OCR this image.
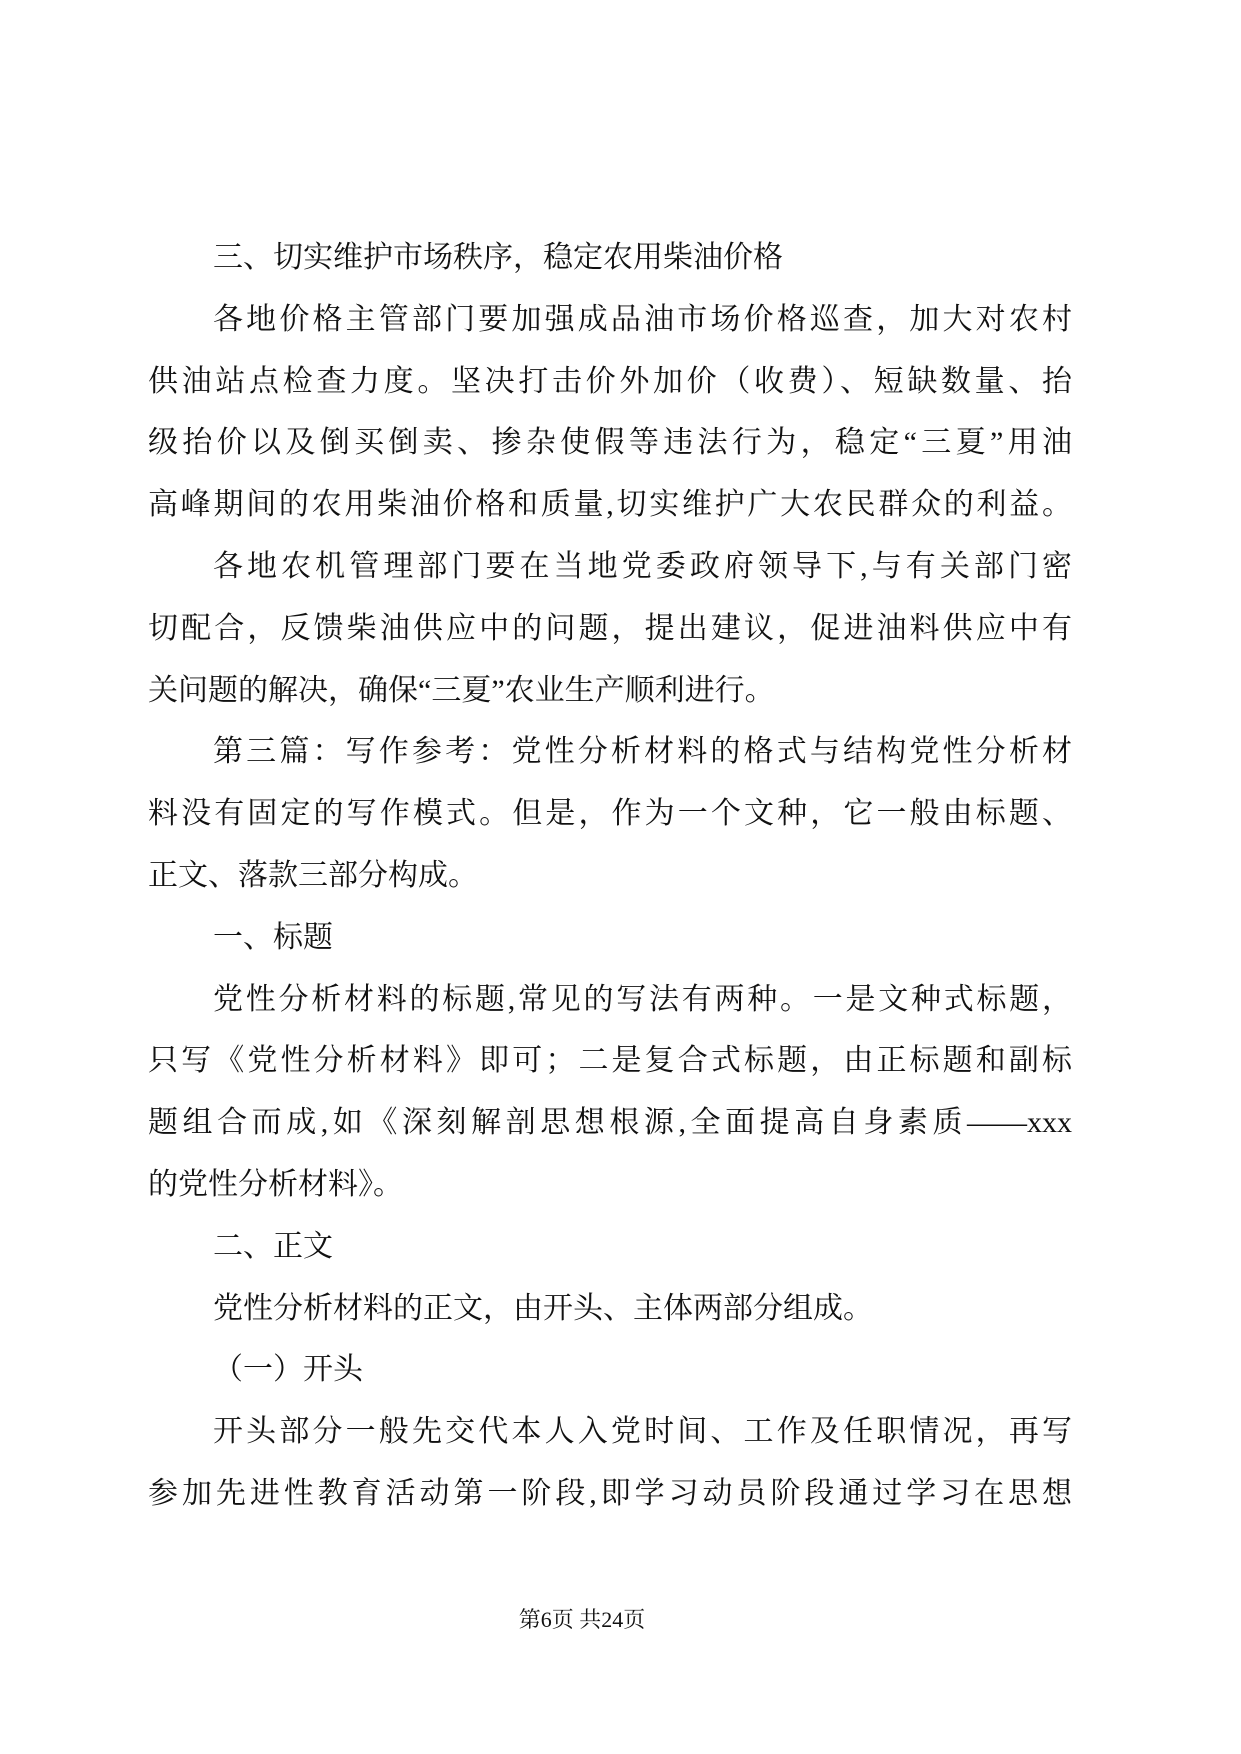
三、切实维护市场秩序，稳定农用柴油价格
各地价格主管部门要加强成品油市场价格巡查，加大对农村
供油站点检查力度。坚决打击价外加价（收费）、短缺数量、抬
级抬价以及倒买倒卖、掺杂使假等违法行为，稳定“三夏”用油
高峰期间的农用柴油价格和质量,切实维护广大农民群众的利益。
各地农机管理部门要在当地党委政府领导下,与有关部门密
切配合，反馈柴油供应中的问题，提出建议，促进油料供应中有
关问题的解决，确保“三夏”农业生产顺利进行。
第三篇：写作参考：党性分析材料的格式与结构党性分析材
料没有固定的写作模式。但是，作为一个文种，它一般由标题、
正文、落款三部分构成。
一、标题
党性分析材料的标题,常见的写法有两种。一是文种式标题，
只写《党性分析材料》即可；二是复合式标题，由正标题和副标
题组合而成,如《深刻解剖思想根源,全面提高自身素质——xxx
的党性分析材料》。
二、正文
党性分析材料的正文，由开头、主体两部分组成。
（一）开头
开头部分一般先交代本人入党时间、工作及任职情况，再写
参加先进性教育活动第一阶段,即学习动员阶段通过学习在思想
第6页 共24页
